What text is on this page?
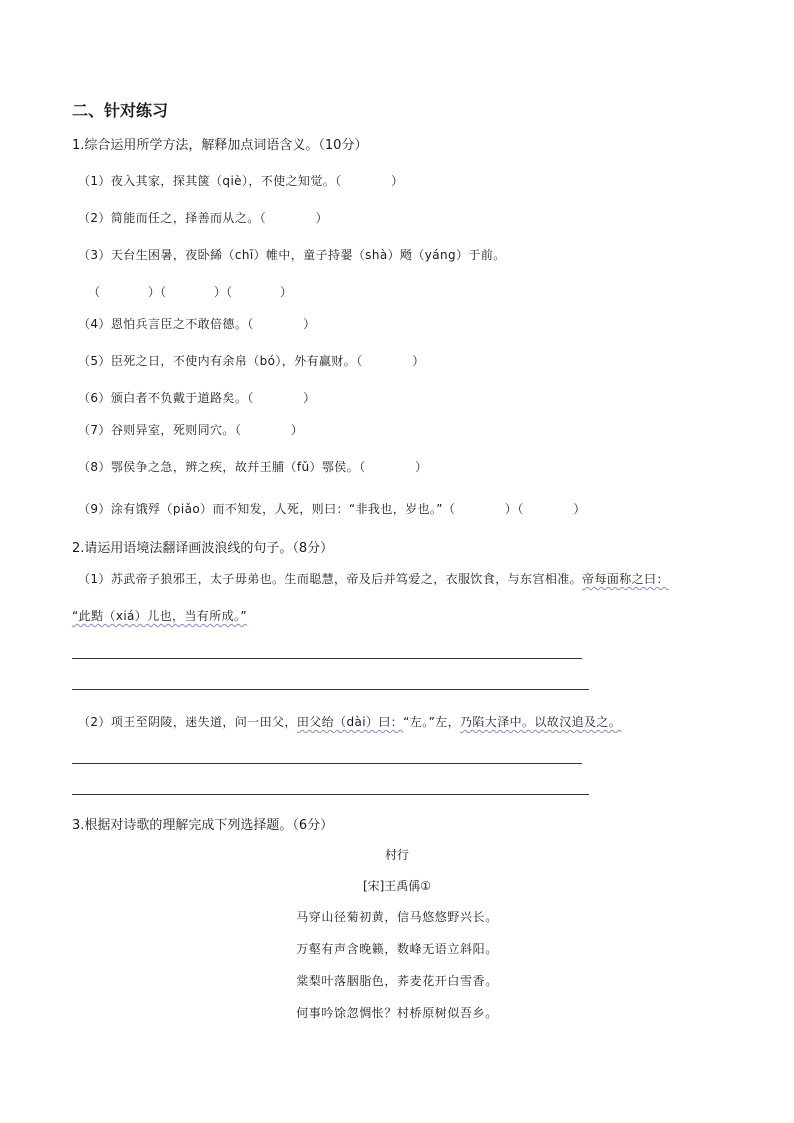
二、针对练习
1.综合运用所学方法，解释加点词语含义。（10分）
（1）夜入其家，探其箧（qiè），不使之知觉。（　　　　）
（2）简能而任之，择善而从之。（　　　　）
（3）天台生困暑，夜卧絺（chī）帷中，童子持翣（shà）飏（yáng）于前。
（　　　　）（　　　　）（　　　　）
（4）恩怕兵言臣之不敢倍德。（　　　　）
（5）臣死之日，不使内有余帛（bó），外有赢财。（　　　　）
（6）颁白者不负戴于道路矣。（　　　　）
（7）谷则异室，死则同穴。（　　　　）
（8）鄂侯争之急，辨之疾，故幷王脯（fǔ）鄂侯。（　　　　）
（9）涂有饿殍（piǎo）而不知发，人死，则曰：“非我也，岁也。”（　　　　）（　　　　）
2.请运用语境法翻译画波浪线的句子。（8分）
（1）苏武帝子狼邪王，太子毋弟也。生而聪慧，帝及后并笃爱之，衣服饮食，与东宫相准。帝每面称之曰：
“此黠（xiá）儿也，当有所成。”
（2）项王至阴陵，迷失道，问一田父，田父绐（dài）曰：“左。”左，乃陷大泽中。以故汉追及之。
3.根据对诗歌的理解完成下列选择题。（6分）
村行
[宋]王禹偁①
马穿山径菊初黄，信马悠悠野兴长。
万壑有声含晚籁，数峰无语立斜阳。
棠梨叶落胭脂色，荞麦花开白雪香。
何事吟馀忽惆怅？村桥原树似吾乡。
